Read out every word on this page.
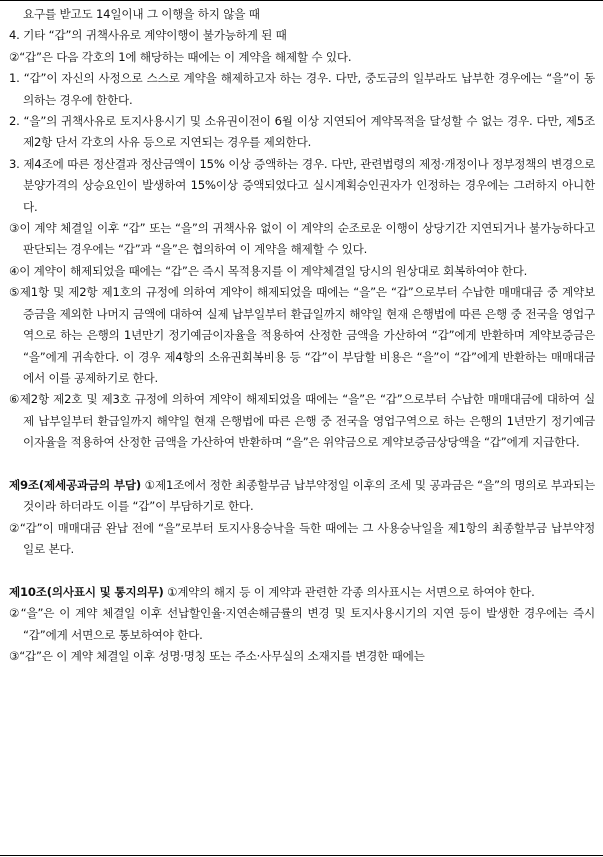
요구를 받고도 14일이내 그 이행을 하지 않을 때

4. 기타 “갑”의 귀책사유로 계약이행이 불가능하게 된 때

②“갑”은 다음 각호의 1에 해당하는 때에는 이 계약을 해제할 수 있다.

1. “갑”이 자신의 사정으로 스스로 계약을 해제하고자 하는 경우. 다만, 중도금의 일부라도 납부한 경우에는 “을”이 동의하는 경우에 한한다.

2. “을”의 귀책사유로 토지사용시기 및 소유권이전이 6월 이상 지연되어 계약목적을 달성할 수 없는 경우. 다만, 제5조 제2항 단서 각호의 사유 등으로 지연되는 경우를 제외한다.

3. 제4조에 따른 정산결과 정산금액이 15% 이상 증액하는 경우. 다만, 관련법령의 제정·개정이나 정부정책의 변경으로 분양가격의 상승요인이 발생하여 15%이상 증액되었다고 실시계획승인권자가 인정하는 경우에는 그러하지 아니한다.

③이 계약 체결일 이후 “갑” 또는 “을”의 귀책사유 없이 이 계약의 순조로운 이행이 상당기간 지연되거나 불가능하다고 판단되는 경우에는 “갑”과 “을”은 협의하여 이 계약을 해제할 수 있다.

④이 계약이 해제되었을 때에는 “갑”은 즉시 목적용지를 이 계약체결일 당시의 원상대로 회복하여야 한다.

⑤제1항 및 제2항 제1호의 규정에 의하여 계약이 해제되었을 때에는 “을”은 “갑”으로부터 수납한 매매대금 중 계약보증금을 제외한 나머지 금액에 대하여 실제 납부일부터 환급일까지 해약일 현재 은행법에 따른 은행 중 전국을 영업구역으로 하는 은행의 1년만기 정기예금이자율을 적용하여 산정한 금액을 가산하여 “갑”에게 반환하며 계약보증금은 “을”에게 귀속한다. 이 경우 제4항의 소유권회복비용 등 “갑”이 부담할 비용은 “을”이 “갑”에게 반환하는 매매대금에서 이를 공제하기로 한다.

⑥제2항 제2호 및 제3호 규정에 의하여 계약이 해제되었을 때에는 “을”은 “갑”으로부터 수납한 매매대금에 대하여 실제 납부일부터 환급일까지 해약일 현재 은행법에 따른 은행 중 전국을 영업구역으로 하는 은행의 1년만기 정기예금이자율을 적용하여 산정한 금액을 가산하여 반환하며 “을”은 위약금으로 계약보증금상당액을 “갑”에게 지급한다.

제9조(제세공과금의 부담) ①제1조에서 정한 최종할부금 납부약정일 이후의 조세 및 공과금은 “을”의 명의로 부과되는 것이라 하더라도 이를 “갑”이 부담하기로 한다.

②“갑”이 매매대금 완납 전에 “을”로부터 토지사용승낙을 득한 때에는 그 사용승낙일을 제1항의 최종할부금 납부약정일로 본다.

제10조(의사표시 및 통지의무) ①계약의 해지 등 이 계약과 관련한 각종 의사표시는 서면으로 하여야 한다.

②“을”은 이 계약 체결일 이후 선납할인율·지연손해금률의 변경 및 토지사용시기의 지연 등이 발생한 경우에는 즉시 “갑”에게 서면으로 통보하여야 한다.

③“갑”은 이 계약 체결일 이후 성명·명칭 또는 주소·사무실의 소재지를 변경한 때에는
